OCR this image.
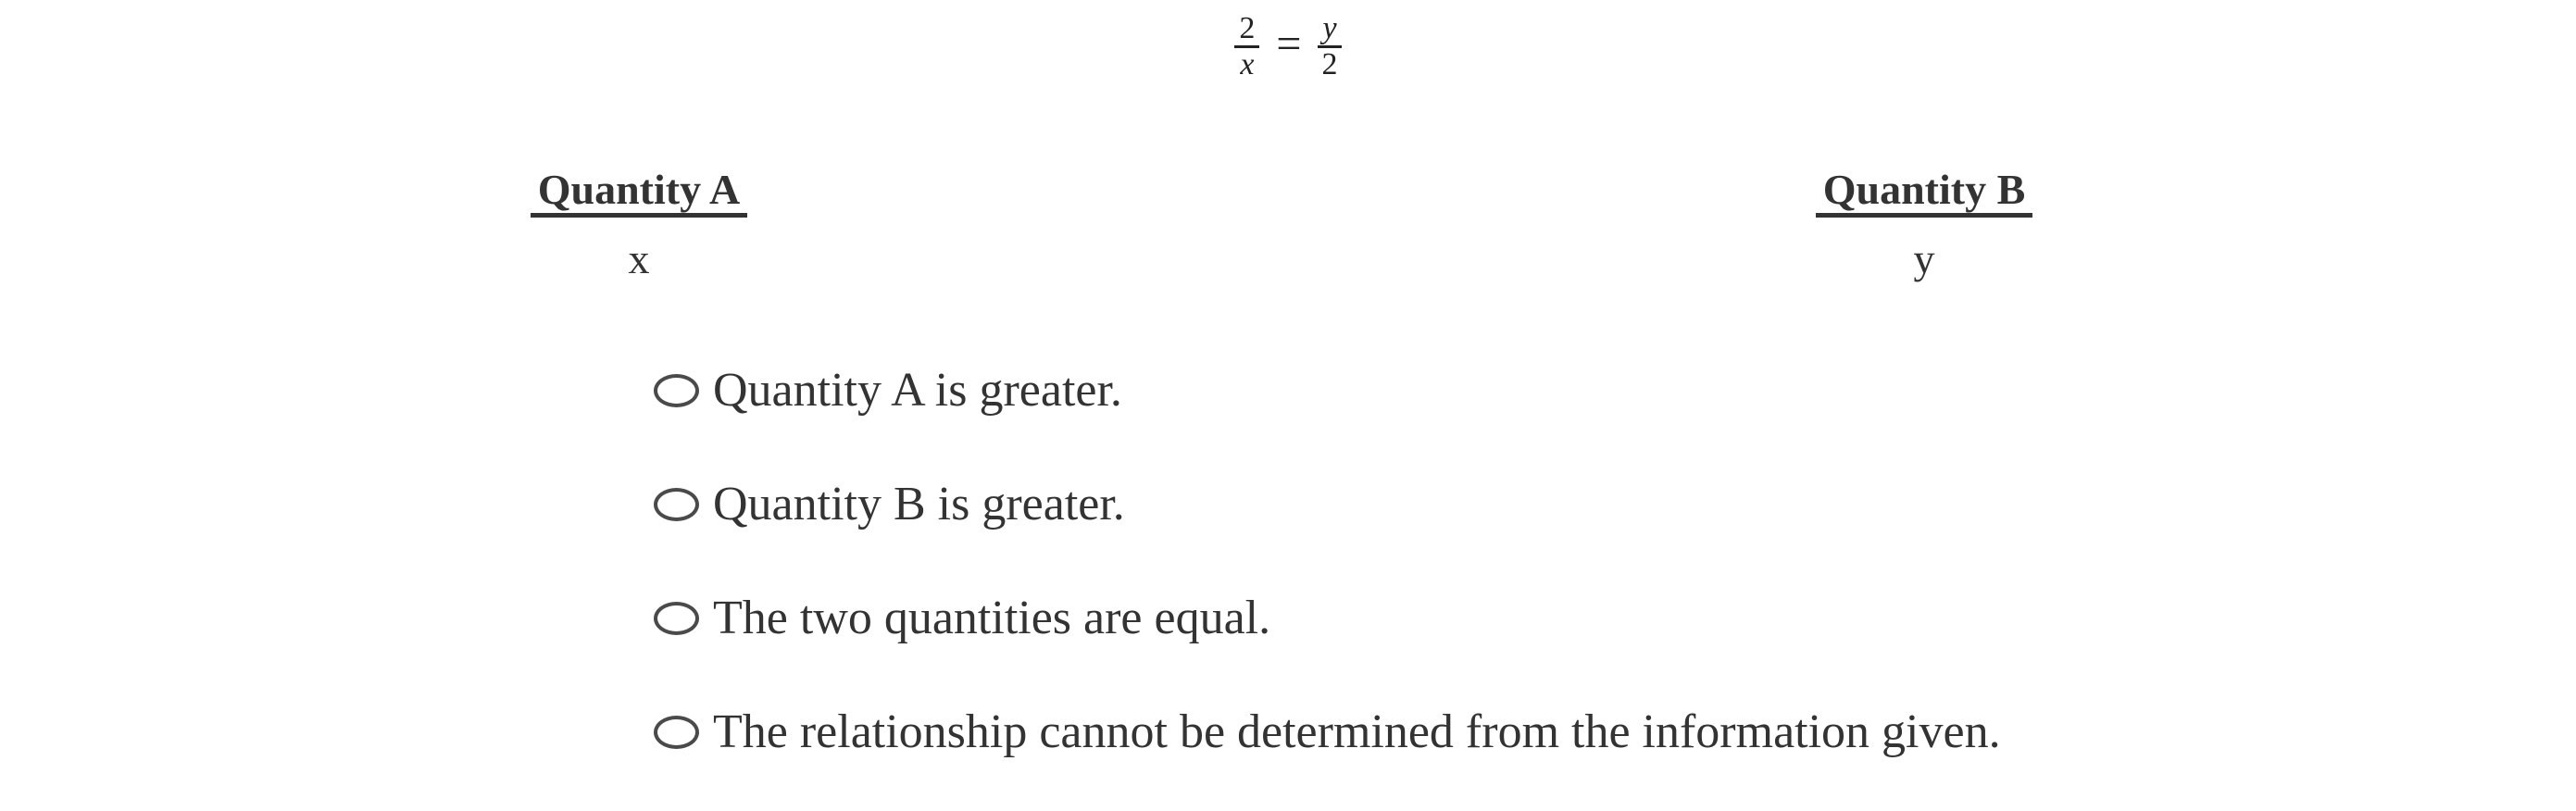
$\frac{2}{x} = \frac{y}{2}$
Quantity A
x
Quantity B
y
Quantity A is greater.
Quantity B is greater.
The two quantities are equal.
The relationship cannot be determined from the information given.
